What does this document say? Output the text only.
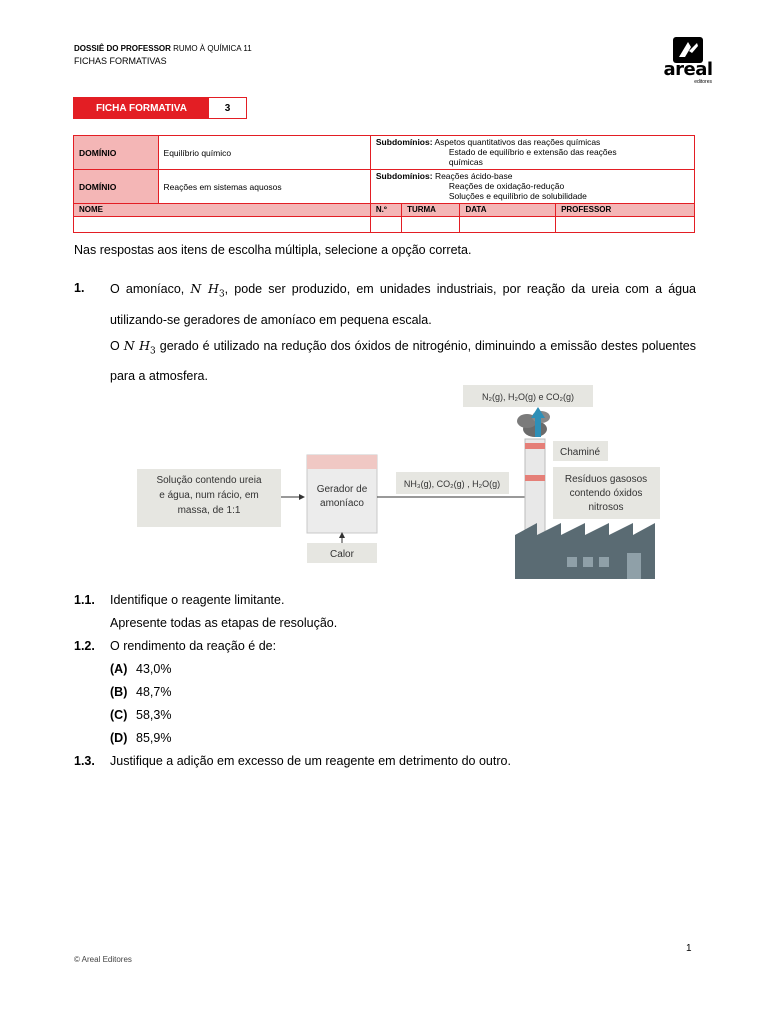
DOSSIÊ DO PROFESSOR RUMO À QUÍMICA 11
FICHAS FORMATIVAS	areal
editores
FICHA FORMATIVA	3
DOMÍNIO	Equilíbrio químico	Subdomínios: Aspetos quantitativos das reações químicas
Estado de equilíbrio e extensão das reações
químicas			

DOMÍNIO	Reações em sistemas aquosos	Subdomínios: Reações ácido-base
Reações de oxidação-redução
Soluções e equilíbrio de solubilidade			

NOME		N.º	TURMA	DATA	PROFESSOR

Nas respostas aos itens de escolha múltipla, selecione a opção correta.
1. O amoníaco, N $H_3$, pode ser produzido, em unidades industriais, por reação da ureia com a água utilizando-se geradores de amoníaco em pequena escala.
O N $H_3$ gerado é utilizado na redução dos óxidos de nitrogénio, diminuindo a emissão destes poluentes para a atmosfera.
Solução contendo ureia
e água, num rácio, em
massa, de 1:1
Gerador de
amoníaco
Calor
NH₃(g), CO₂(g) , H₂O(g)
N₂(g), H₂O(g) e CO₂(g)
Chaminé
Resíduos gasosos
contendo óxidos
nitrosos
1.1. Identifique o reagente limitante.
Apresente todas as etapas de resolução.
1.2. O rendimento da reação é de:
(A) 43,0%
(B) 48,7%
(C) 58,3%
(D) 85,9%
1.3. Justifique a adição em excesso de um reagente em detrimento do outro.
1
© Areal Editores
